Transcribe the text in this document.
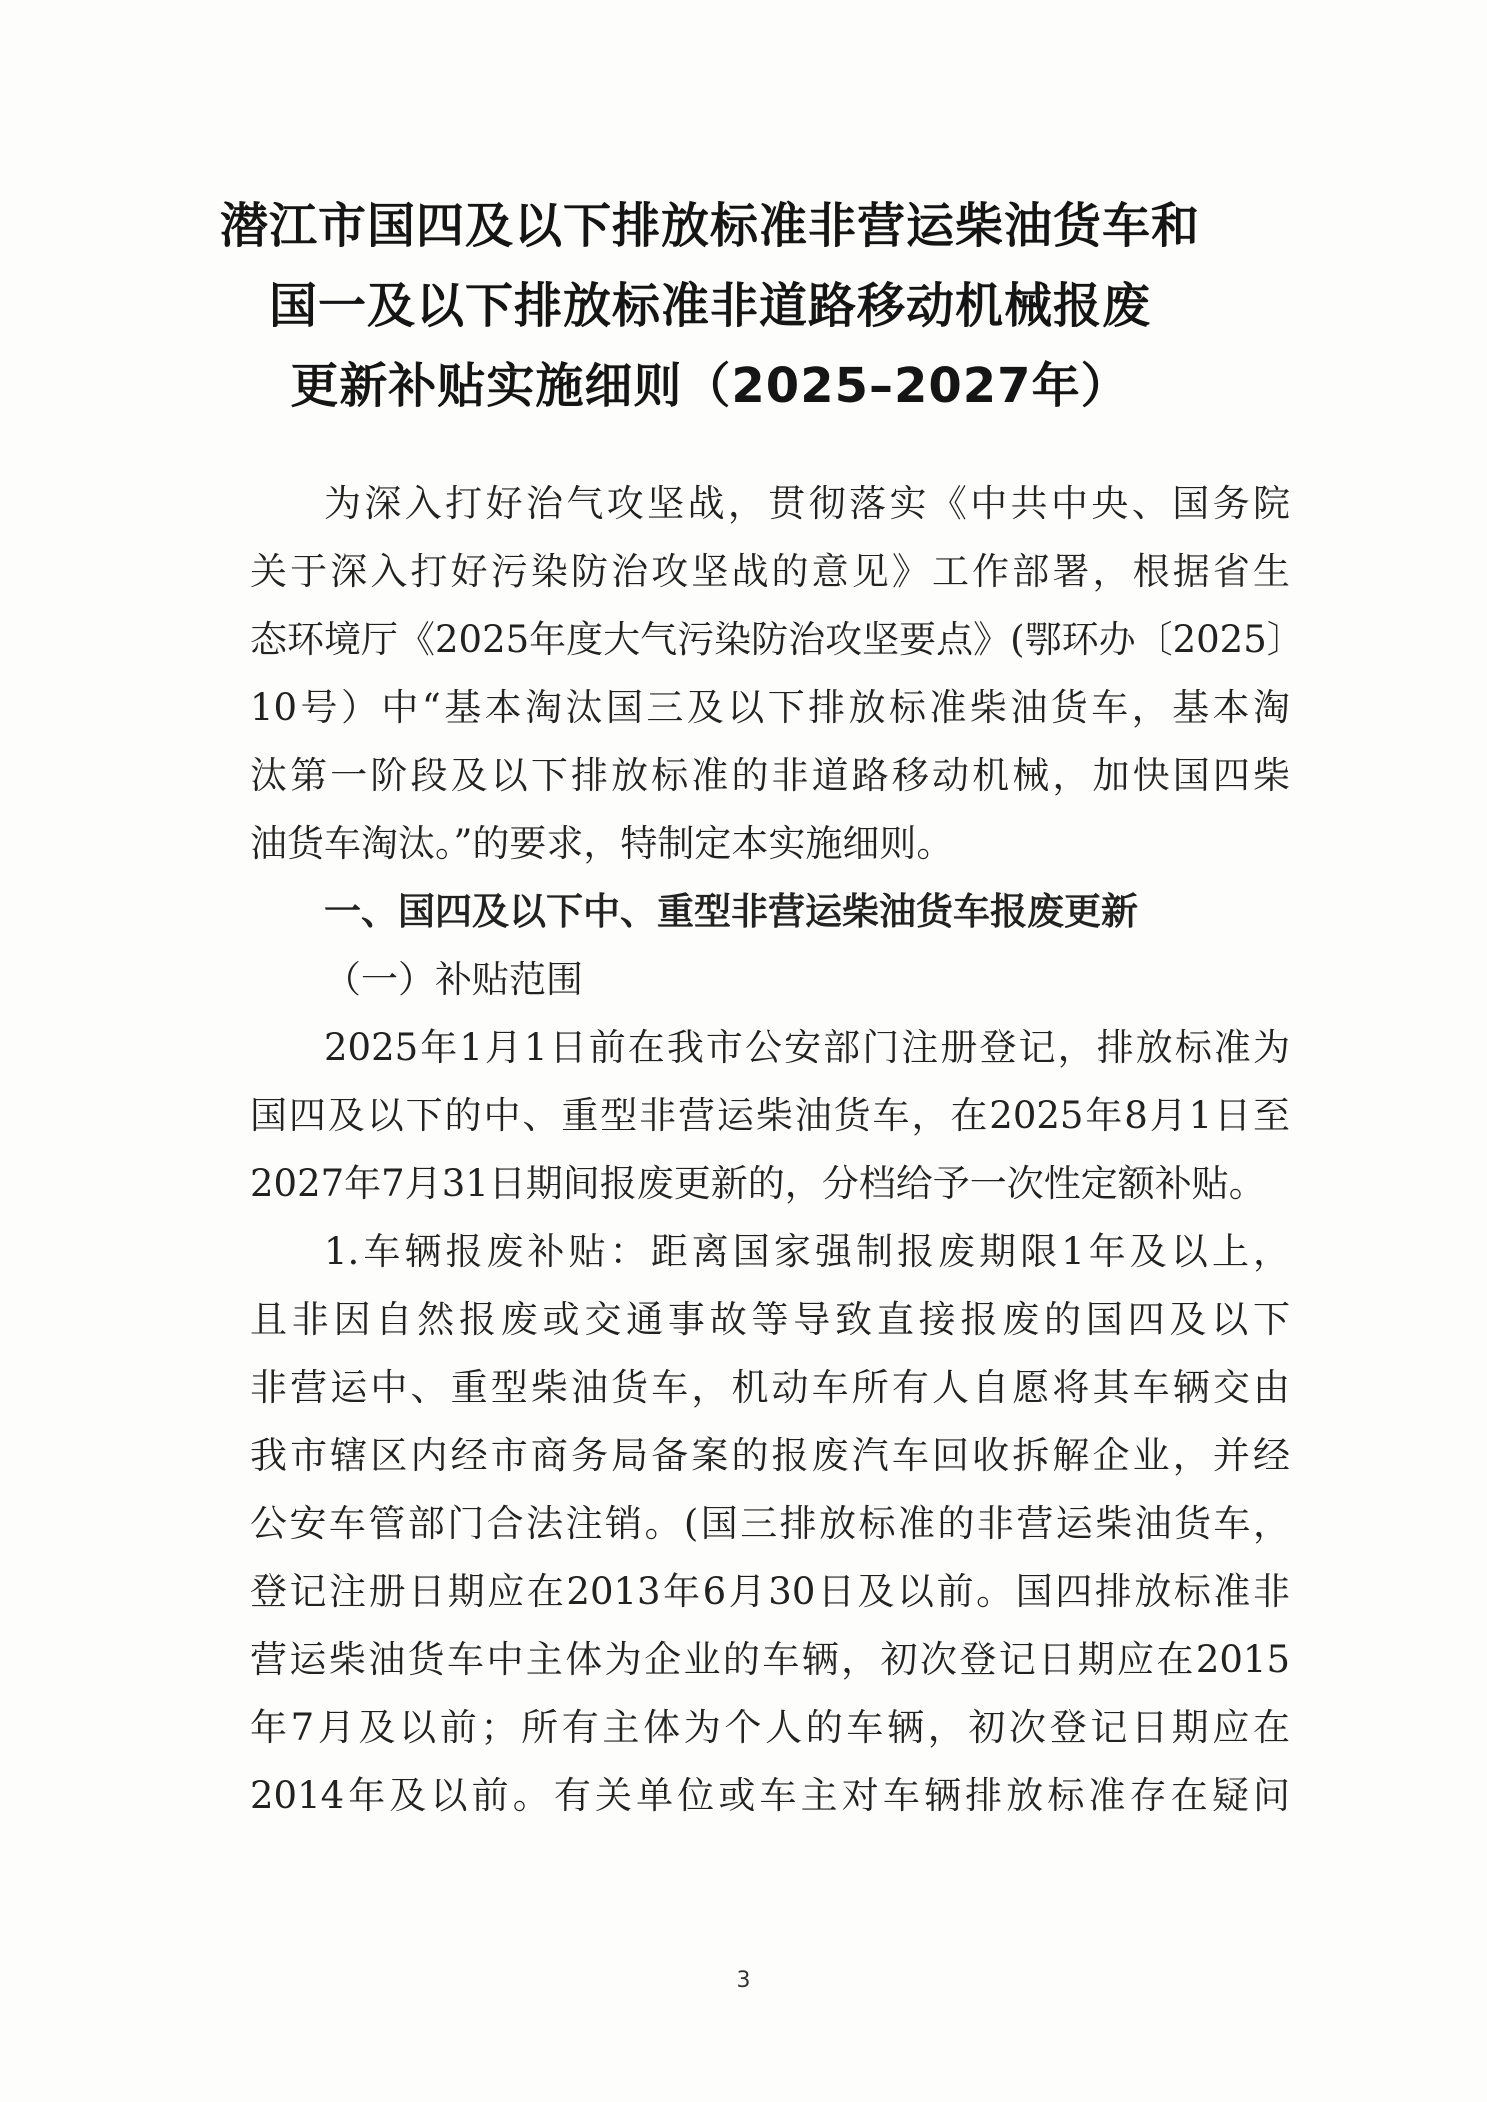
潜江市国四及以下排放标准非营运柴油货车和
国一及以下排放标准非道路移动机械报废
更新补贴实施细则（2025–2027年）
为深入打好治气攻坚战，贯彻落实《中共中央、国务院
关于深入打好污染防治攻坚战的意见》工作部署，根据省生
态环境厅《2025年度大气污染防治攻坚要点》(鄂环办〔2025〕
10号）中“基本淘汰国三及以下排放标准柴油货车，基本淘
汰第一阶段及以下排放标准的非道路移动机械，加快国四柴
油货车淘汰。”的要求，特制定本实施细则。
一、国四及以下中、重型非营运柴油货车报废更新
（一）补贴范围
2025年1月1日前在我市公安部门注册登记，排放标准为
国四及以下的中、重型非营运柴油货车，在2025年8月1日至
2027年7月31日期间报废更新的，分档给予一次性定额补贴。
1.车辆报废补贴：距离国家强制报废期限1年及以上，
且非因自然报废或交通事故等导致直接报废的国四及以下
非营运中、重型柴油货车，机动车所有人自愿将其车辆交由
我市辖区内经市商务局备案的报废汽车回收拆解企业，并经
公安车管部门合法注销。(国三排放标准的非营运柴油货车，
登记注册日期应在2013年6月30日及以前。国四排放标准非
营运柴油货车中主体为企业的车辆，初次登记日期应在2015
年7月及以前；所有主体为个人的车辆，初次登记日期应在
2014年及以前。有关单位或车主对车辆排放标准存在疑问
3
